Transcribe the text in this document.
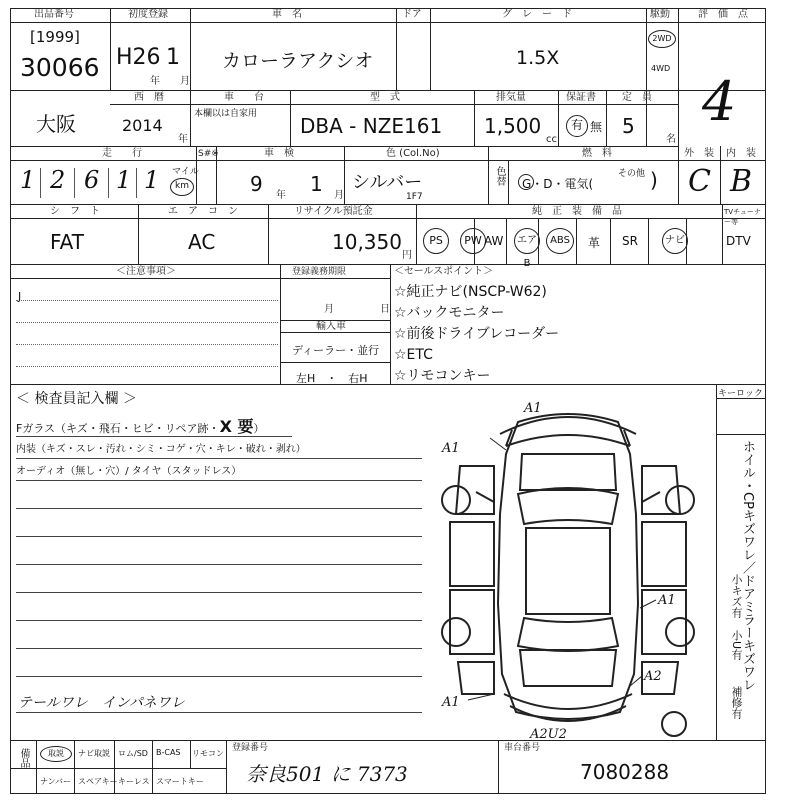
出品番号
[1999]
30066
初度登録
H26 1
年 月
車　名
カローラアクシオ
ドア	グ　レ　ー　ド
1.5X
駆動
2WD
4WD
評　価　点
4
大阪
西　暦
2014
年
車　　台
本欄以は自家用
型　式
DBA - NZE161
排気量
1,500
cc
保証書
有 無
定　員
5
名
走　　行	S#※
1 2 6 1 1 マイル
km
車　検
9 年 1 月
色 (Col.No)
シルバー
1F7
色替
燃　料
G・D・電気(
その他 )
外　装
C
内　装
B
シ　フ　ト
FAT
エ　ア　コ　ン
AC
リサイクル預託金
10,350
円
純　正　装　備　品	TVチューナー等
PS	PW AW	エアB
ABS	革 SR	ナビ	DTV
＜注意事項＞
J
登録義務期限
月	日
輸入車
ディーラー・並行
左H　・　右H
＜セールスポイント＞
☆純正ナビ(NSCP-W62)
☆バックモニター
☆前後ドライブレコーダー
☆ETC
☆リモコンキー
キーロック
＜ 検査員記入欄 ＞
Fガラス（キズ・飛石・ヒビ・リペア跡・X 要）
内装（キズ・スレ・汚れ・シミ・コゲ・穴・キレ・破れ・剥れ）
オーディオ（無し・穴）/ タイヤ（スタッドレス）
テールワレ　インパネワレ
A1
A1
A1
A2
A1
A2U2
ホイル・CPキズワレ／ドアミラーキズワレ
小キズ有
小U有
補修有
備品	取説	ナビ取説 ロム/SD B-CAS リモコン
ナンバー スペアキー キーレス スマートキー
登録番号
奈良501 に 7373
車台番号
7080288
